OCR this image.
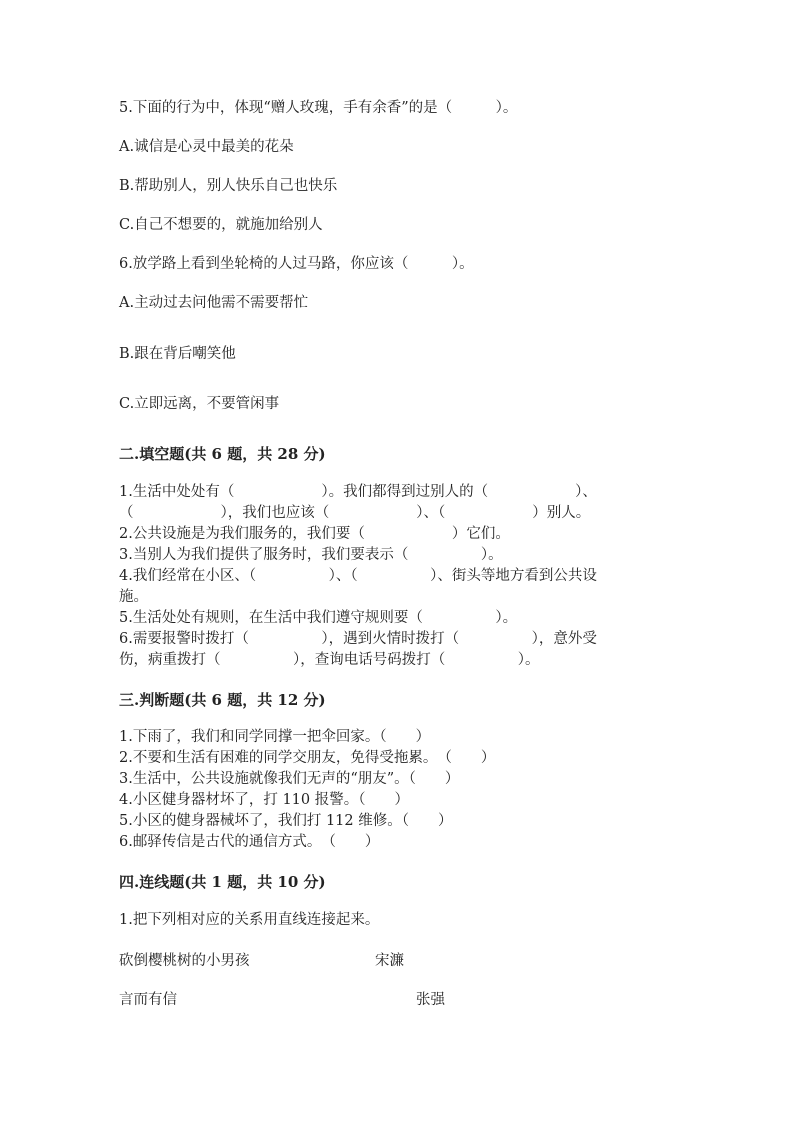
5.下面的行为中，体现“赠人玫瑰，手有余香”的是（　　　）。
A.诚信是心灵中最美的花朵
B.帮助别人，别人快乐自己也快乐
C.自己不想要的，就施加给别人
6.放学路上看到坐轮椅的人过马路，你应该（　　　）。
A.主动过去问他需不需要帮忙
B.跟在背后嘲笑他
C.立即远离，不要管闲事
二.填空题(共 6 题，共 28 分)
1.生活中处处有（　　　　　　）。我们都得到过别人的（　　　　　　）、
（　　　　　　），我们也应该（　　　　　　）、（　　　　　　）别人。
2.公共设施是为我们服务的，我们要（　　　　　　）它们。
3.当别人为我们提供了服务时，我们要表示（　　　　　）。
4.我们经常在小区、（　　　　　）、（　　　　　）、街头等地方看到公共设
施。
5.生活处处有规则，在生活中我们遵守规则要（　　　　　）。
6.需要报警时拨打（　　　　　），遇到火情时拨打（　　　　　），意外受
伤，病重拨打（　　　　　），查询电话号码拨打（　　　　　）。
三.判断题(共 6 题，共 12 分)
1.下雨了，我们和同学同撑一把伞回家。（　　）
2.不要和生活有困难的同学交朋友，免得受拖累。　（　　）
3.生活中，公共设施就像我们无声的“朋友”。（　　）
4.小区健身器材坏了，打 110 报警。（　　）
5.小区的健身器械坏了，我们打 112 维修。（　　）
6.邮驿传信是古代的通信方式。　（　　）
四.连线题(共 1 题，共 10 分)
1.把下列相对应的关系用直线连接起来。
砍倒樱桃树的小男孩	宋濂
言而有信	张强
